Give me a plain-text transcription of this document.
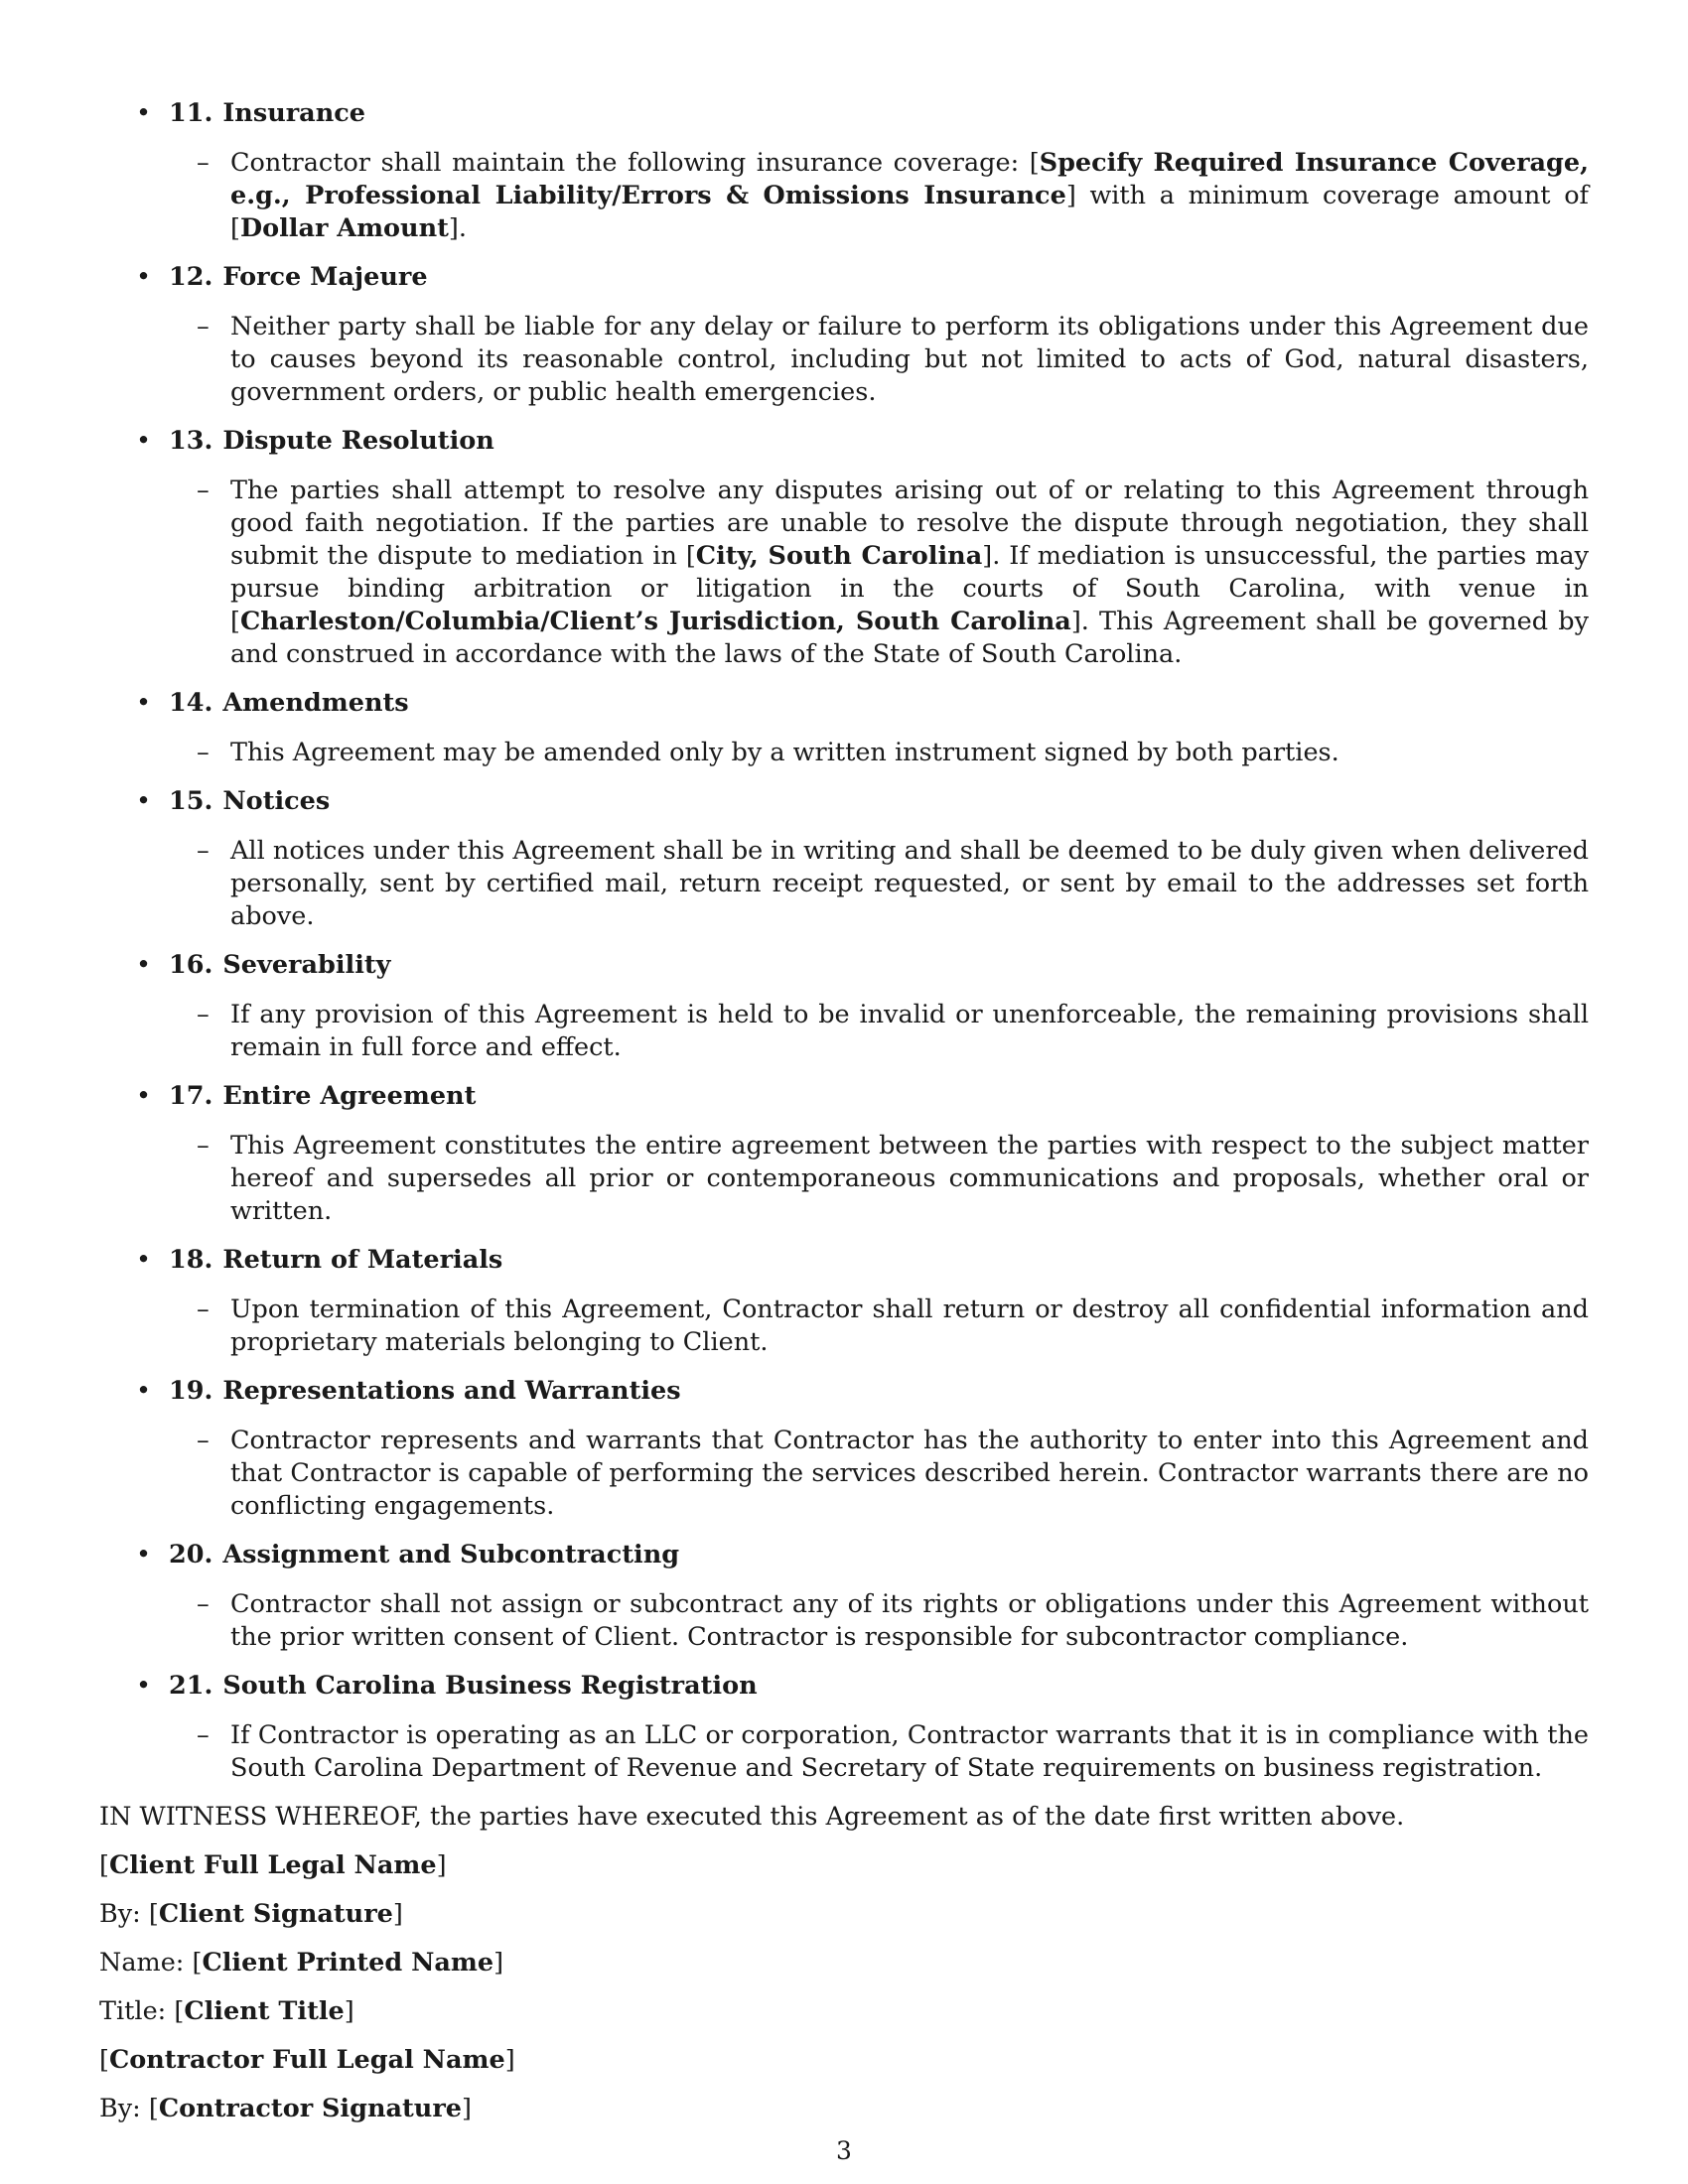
• 11. Insurance
– Contractor shall maintain the following insurance coverage: [Specify Required Insurance Coverage, e.g., Professional Liability/Errors & Omissions Insurance] with a minimum coverage amount of [Dollar Amount].
• 12. Force Majeure
– Neither party shall be liable for any delay or failure to perform its obligations under this Agreement due to causes beyond its reasonable control, including but not limited to acts of God, natural disasters, government orders, or public health emergencies.
• 13. Dispute Resolution
– The parties shall attempt to resolve any disputes arising out of or relating to this Agreement through good faith negotiation. If the parties are unable to resolve the dispute through negotiation, they shall submit the dispute to mediation in [City, South Carolina]. If mediation is unsuccessful, the parties may pursue binding arbitration or litigation in the courts of South Carolina, with venue in [Charleston/Columbia/Client’s Jurisdiction, South Carolina]. This Agreement shall be governed by and construed in accordance with the laws of the State of South Carolina.
• 14. Amendments
– This Agreement may be amended only by a written instrument signed by both parties.
• 15. Notices
– All notices under this Agreement shall be in writing and shall be deemed to be duly given when delivered personally, sent by certified mail, return receipt requested, or sent by email to the addresses set forth above.
• 16. Severability
– If any provision of this Agreement is held to be invalid or unenforceable, the remaining provisions shall remain in full force and effect.
• 17. Entire Agreement
– This Agreement constitutes the entire agreement between the parties with respect to the subject matter hereof and supersedes all prior or contemporaneous communications and proposals, whether oral or written.
• 18. Return of Materials
– Upon termination of this Agreement, Contractor shall return or destroy all confidential information and proprietary materials belonging to Client.
• 19. Representations and Warranties
– Contractor represents and warrants that Contractor has the authority to enter into this Agreement and that Contractor is capable of performing the services described herein. Contractor warrants there are no conflicting engagements.
• 20. Assignment and Subcontracting
– Contractor shall not assign or subcontract any of its rights or obligations under this Agreement without the prior written consent of Client. Contractor is responsible for subcontractor compliance.
• 21. South Carolina Business Registration
– If Contractor is operating as an LLC or corporation, Contractor warrants that it is in compliance with the South Carolina Department of Revenue and Secretary of State requirements on business registration.
IN WITNESS WHEREOF, the parties have executed this Agreement as of the date first written above.
[Client Full Legal Name]
By: [Client Signature]
Name: [Client Printed Name]
Title: [Client Title]
[Contractor Full Legal Name]
By: [Contractor Signature]
3
